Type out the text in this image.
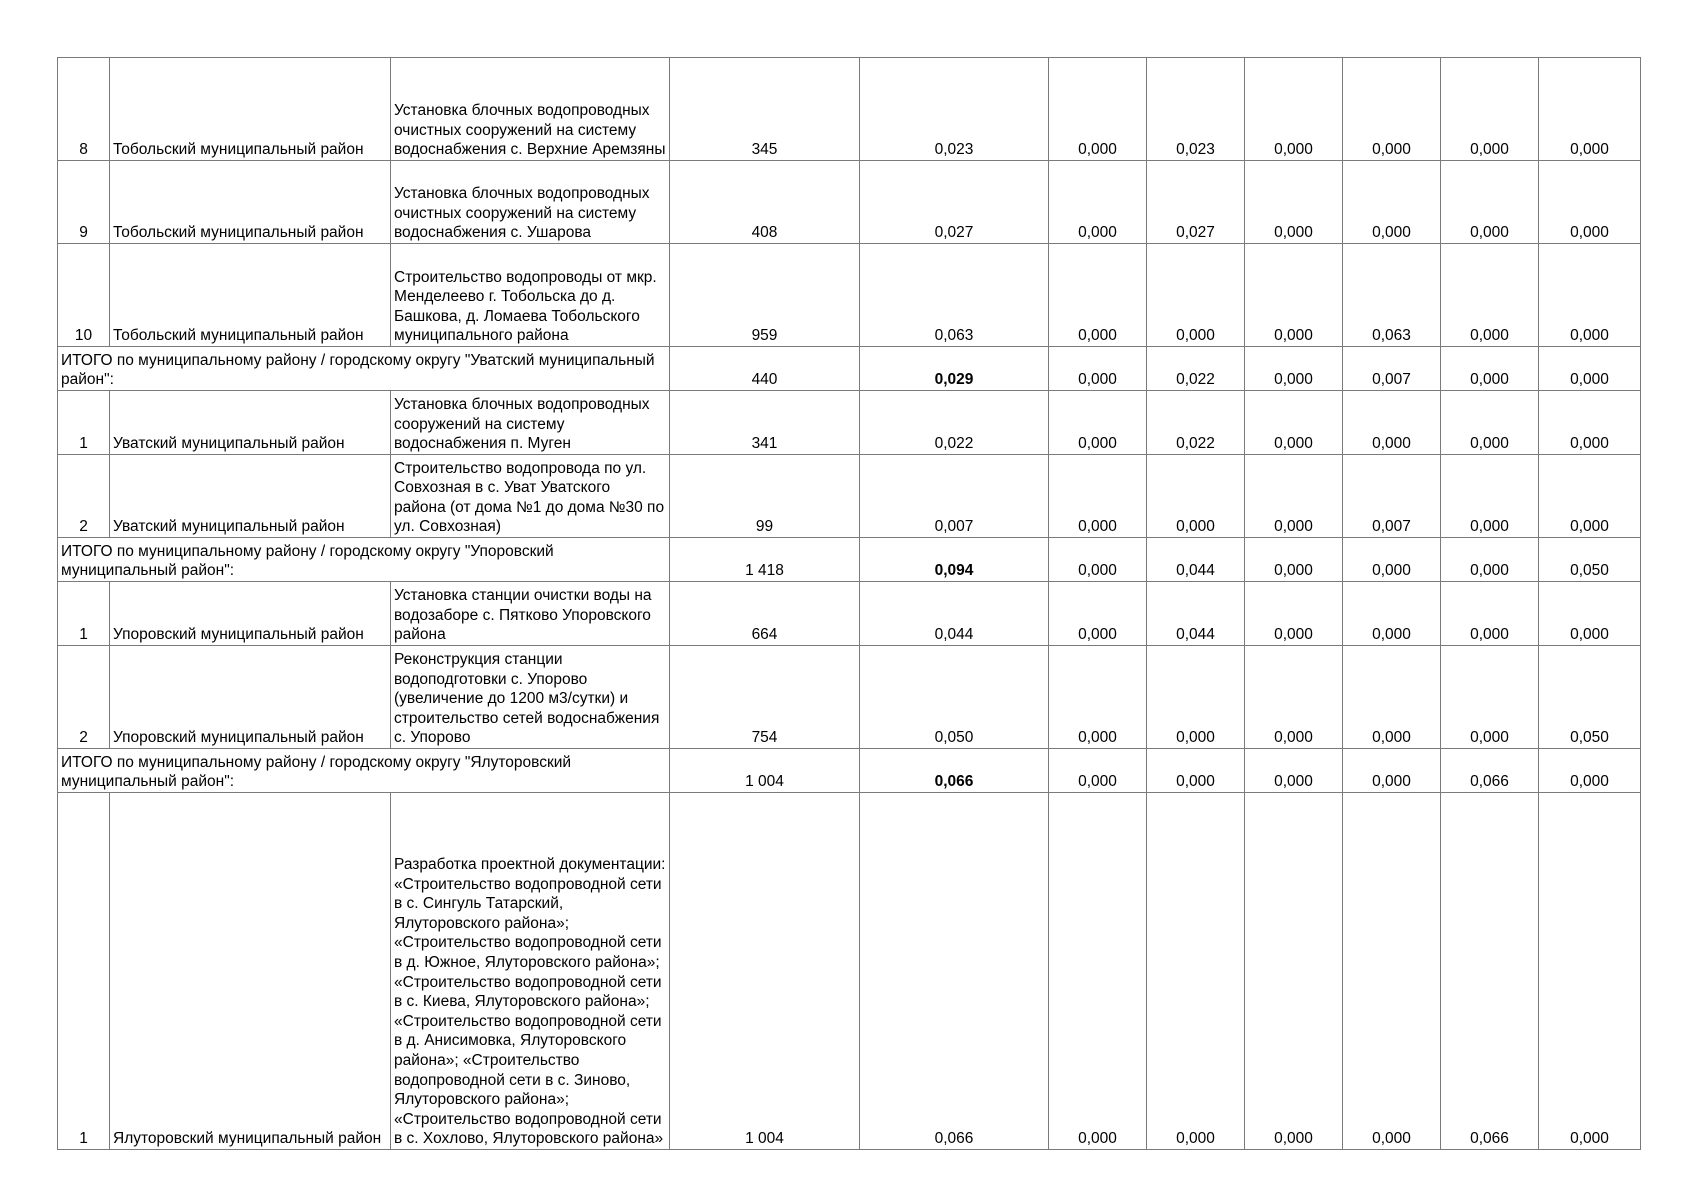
8	Тобольский муниципальный район	Установка блочных водопроводных очистных сооружений на систему водоснабжения с. Верхние Аремзяны	345	0,023	0,000	0,023	0,000	0,000	0,000	0,000
9	Тобольский муниципальный район	Установка блочных водопроводных очистных сооружений на систему водоснабжения с. Ушарова	408	0,027	0,000	0,027	0,000	0,000	0,000	0,000
10	Тобольский муниципальный район	Строительство водопроводы от мкр. Менделеево г. Тобольска до д. Башкова, д. Ломаева Тобольского муниципального района	959	0,063	0,000	0,000	0,000	0,063	0,000	0,000
ИТОГО по муниципальному району / городскому округу "Уватский муниципальный район":			440	0,029	0,000	0,022	0,000	0,007	0,000	0,000
1	Уватский муниципальный район	Установка блочных водопроводных сооружений на систему водоснабжения п. Муген	341	0,022	0,000	0,022	0,000	0,000	0,000	0,000
2	Уватский муниципальный район	Строительство водопровода по ул. Совхозная в с. Уват Уватского района (от дома №1 до дома №30 по ул. Совхозная)	99	0,007	0,000	0,000	0,000	0,007	0,000	0,000
ИТОГО по муниципальному району / городскому округу "Упоровский муниципальный район":			1 418	0,094	0,000	0,044	0,000	0,000	0,000	0,050
1	Упоровский муниципальный район	Установка станции очистки воды на водозаборе с. Пятково Упоровского района	664	0,044	0,000	0,044	0,000	0,000	0,000	0,000
2	Упоровский муниципальный район	Реконструкция станции водоподготовки с. Упорово (увеличение до 1200 м3/сутки) и строительство сетей водоснабжения с. Упорово	754	0,050	0,000	0,000	0,000	0,000	0,000	0,050
ИТОГО по муниципальному району / городскому округу "Ялуторовский муниципальный район":			1 004	0,066	0,000	0,000	0,000	0,000	0,066	0,000
1	Ялуторовский муниципальный район	Разработка проектной документации: «Строительство водопроводной сети в с. Сингуль Татарский, Ялуторовского района»; «Строительство водопроводной сети в д. Южное, Ялуторовского района»; «Строительство водопроводной сети в с. Киева, Ялуторовского района»; «Строительство водопроводной сети в д. Анисимовка, Ялуторовского района»; «Строительство водопроводной сети в с. Зиново, Ялуторовского района»; «Строительство водопроводной сети в с. Хохлово, Ялуторовского района»	1 004	0,066	0,000	0,000	0,000	0,000	0,066	0,000
